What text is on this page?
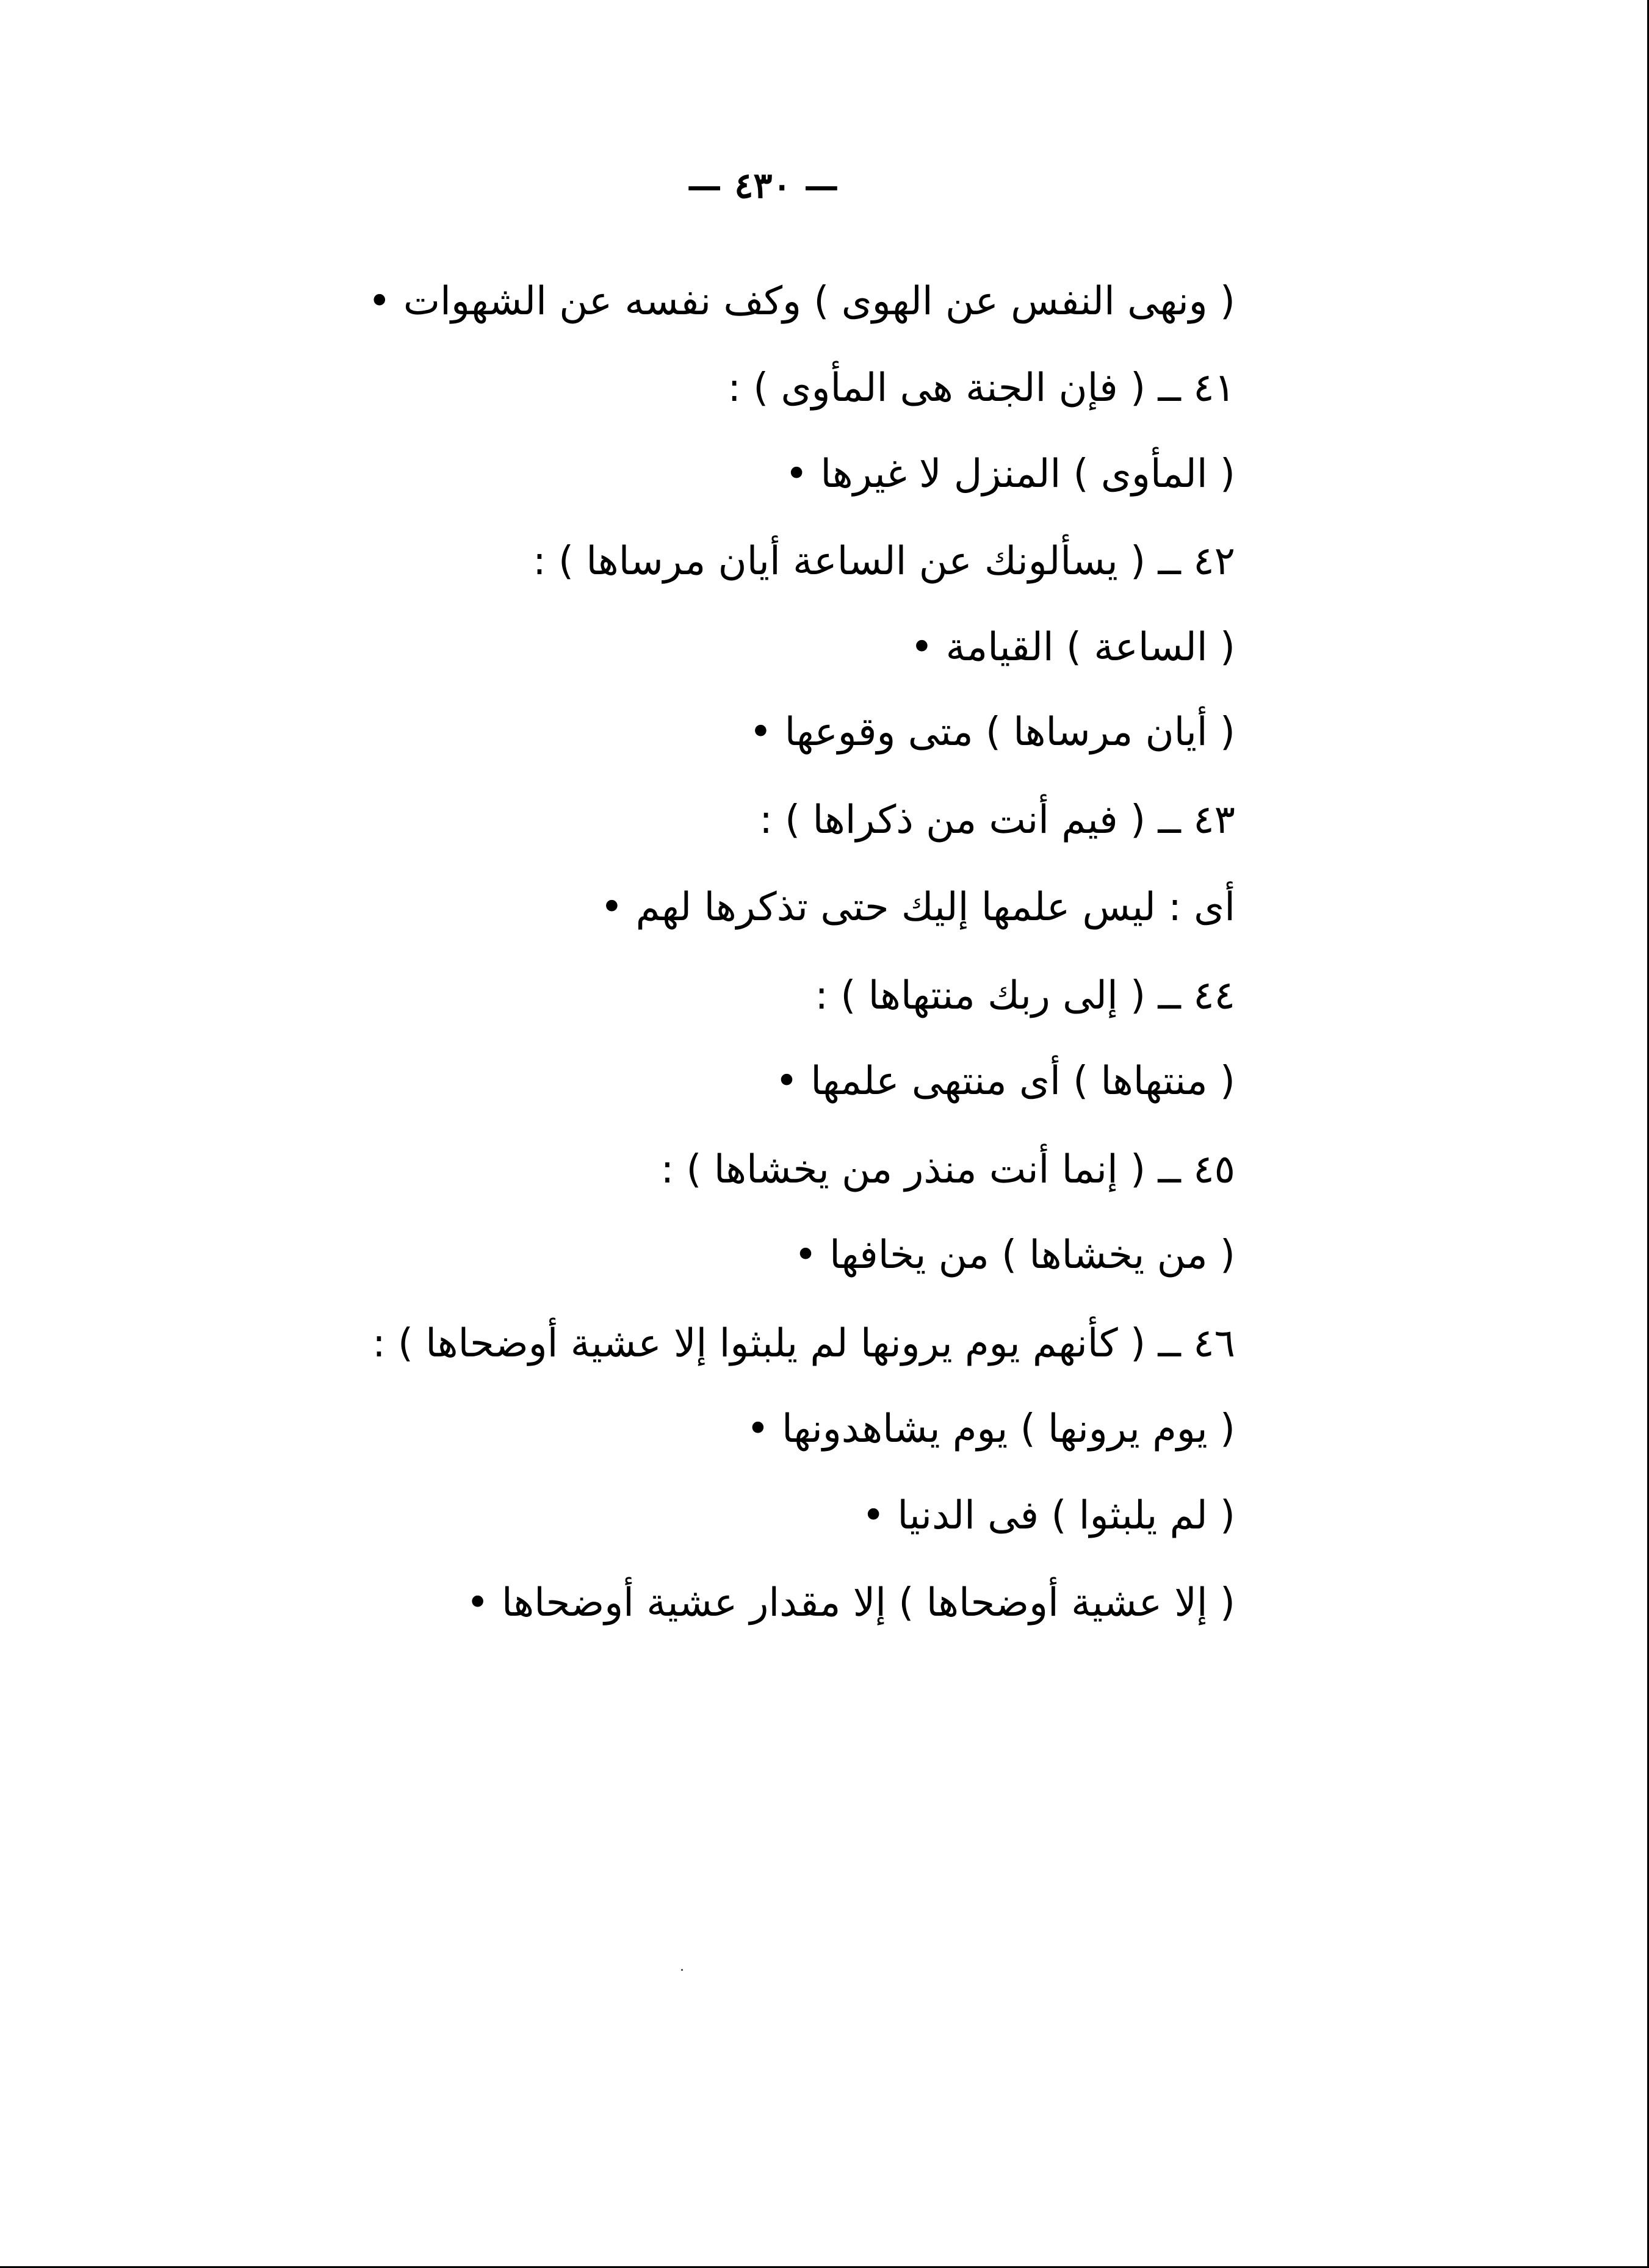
— ٤٣٠ —
( ونهى النفس عن الهوى ) وكف نفسه عن الشهوات •
٤١ ــ ( فإن الجنة هى المأوى ) :
( المأوى ) المنزل لا غيرها •
٤٢ ــ ( يسألونك عن الساعة أيان مرساها ) :
( الساعة ) القيامة •
( أيان مرساها ) متى وقوعها •
٤٣ ــ ( فيم أنت من ذكراها ) :
أى : ليس علمها إليك حتى تذكرها لهم •
٤٤ ــ ( إلى ربك منتهاها ) :
( منتهاها ) أى منتهى علمها •
٤٥ ــ ( إنما أنت منذر من يخشاها ) :
( من يخشاها ) من يخافها •
٤٦ ــ ( كأنهم يوم يرونها لم يلبثوا إلا عشية أوضحاها ) :
( يوم يرونها ) يوم يشاهدونها •
( لم يلبثوا ) فى الدنيا •
( إلا عشية أوضحاها ) إلا مقدار عشية أوضحاها •
